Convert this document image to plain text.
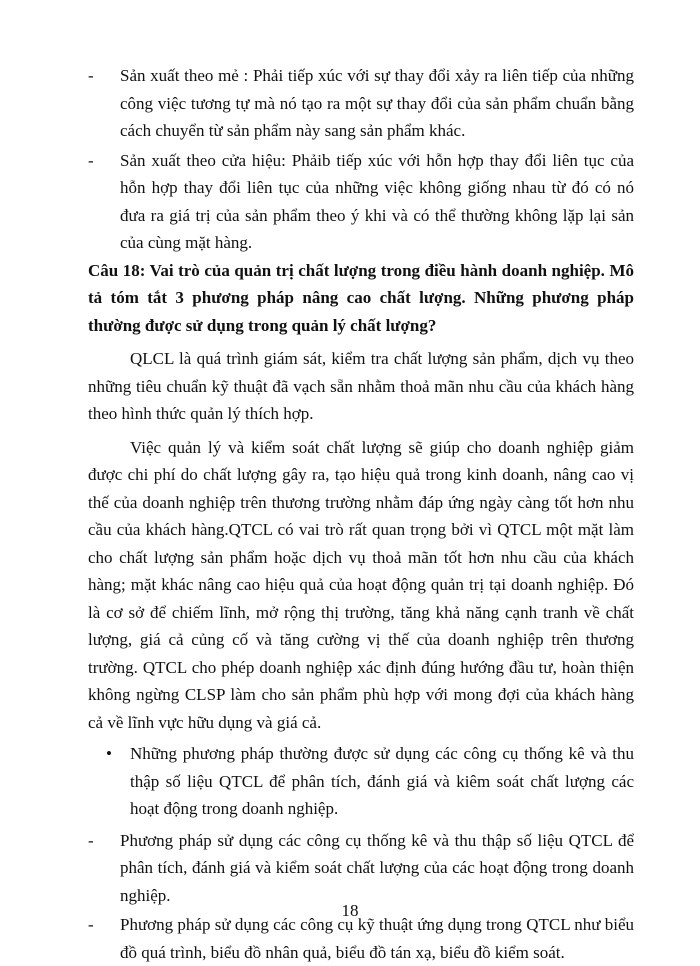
- Sản xuất theo mẻ : Phải tiếp xúc với sự thay đổi xảy ra liên tiếp của những công việc tương tự mà nó tạo ra một sự thay đổi của sản phẩm chuẩn bằng cách chuyển từ sản phẩm này sang sản phẩm khác.
- Sản xuất theo cửa hiệu: Phảib tiếp xúc với hỗn hợp thay đổi liên tục của hỗn hợp thay đổi liên tục của những việc không giống nhau từ đó có nó đưa ra giá trị của sản phẩm theo ý khi và có thể thường không lặp lại sản của cùng mặt hàng.
Câu 18: Vai trò của quản trị chất lượng trong điều hành doanh nghiệp. Mô tả tóm tắt 3 phương pháp nâng cao chất lượng. Những phương pháp thường được sử dụng trong quản lý chất lượng?
QLCL là quá trình giám sát, kiểm tra chất lượng sản phẩm, dịch vụ theo những tiêu chuẩn kỹ thuật đã vạch sẵn nhằm thoả mãn nhu cầu của khách hàng theo hình thức quản lý thích hợp.
Việc quản lý và kiểm soát chất lượng sẽ giúp cho doanh nghiệp giảm được chi phí do chất lượng gây ra, tạo hiệu quả trong kinh doanh, nâng cao vị thế của doanh nghiệp trên thương trường nhằm đáp ứng ngày càng tốt hơn nhu cầu của khách hàng.QTCL có vai trò rất quan trọng bởi vì QTCL một mặt làm cho chất lượng sản phẩm hoặc dịch vụ thoả mãn tốt hơn nhu cầu của khách hàng; mặt khác nâng cao hiệu quả của hoạt động quản trị tại doanh nghiệp. Đó là cơ sở để chiếm lĩnh, mở rộng thị trường, tăng khả năng cạnh tranh về chất lượng, giá cả củng cố và tăng cường vị thế của doanh nghiệp trên thương trường. QTCL cho phép doanh nghiệp xác định đúng hướng đầu tư, hoàn thiện không ngừng CLSP làm cho sản phẩm phù hợp với mong đợi của khách hàng cả về lĩnh vực hữu dụng và giá cả.
• Những phương pháp thường được sử dụng các công cụ thống kê và thu thập số liệu QTCL để phân tích, đánh giá và kiêm soát chất lượng các hoạt động trong doanh nghiệp.
- Phương pháp sử dụng các công cụ thống kê và thu thập số liệu QTCL để phân tích, đánh giá và kiểm soát chất lượng của các hoạt động trong doanh nghiệp.
- Phương pháp sử dụng các công cụ kỹ thuật ứng dụng trong QTCL như biểu đồ quá trình, biểu đồ nhân quả, biểu đồ tán xạ, biểu đồ kiểm soát.
18
